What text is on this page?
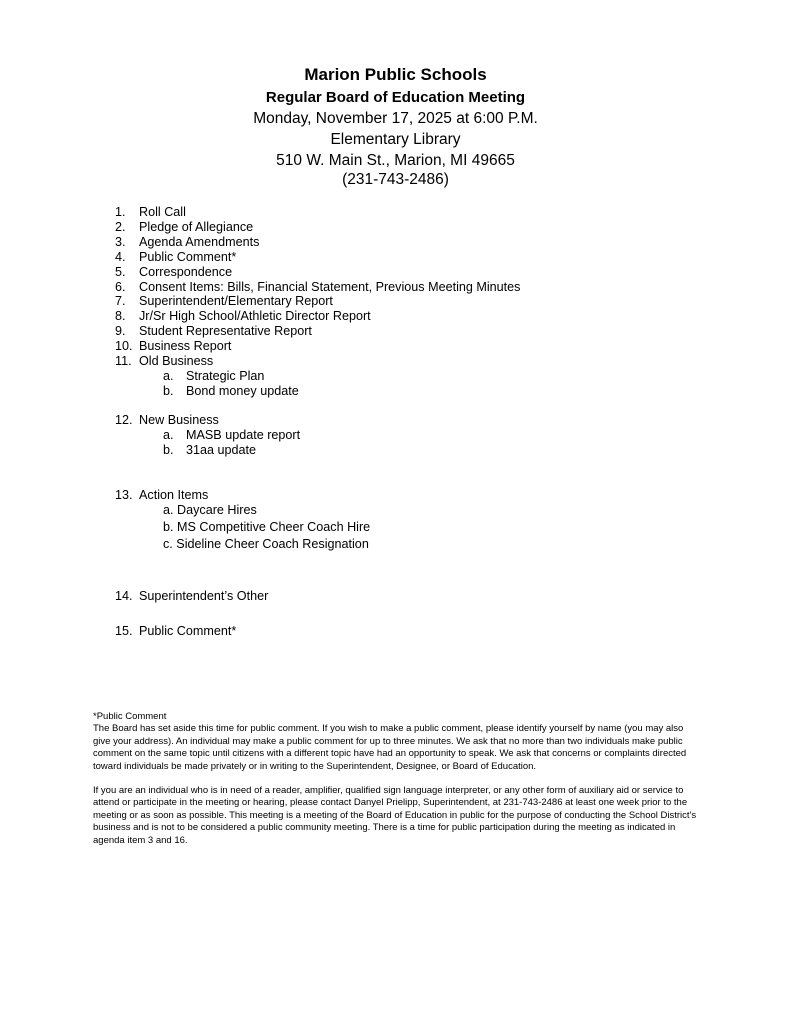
Marion Public Schools
Regular Board of Education Meeting
Monday, November 17, 2025 at 6:00 P.M.
Elementary Library
510 W. Main St., Marion, MI 49665
(231-743-2486)
1. Roll Call
2. Pledge of Allegiance
3. Agenda Amendments
4. Public Comment*
5. Correspondence
6. Consent Items: Bills, Financial Statement, Previous Meeting Minutes
7. Superintendent/Elementary Report
8. Jr/Sr High School/Athletic Director Report
9. Student Representative Report
10. Business Report
11. Old Business
a. Strategic Plan
b. Bond money update
12. New Business
a. MASB update report
b. 31aa update
13. Action Items
a. Daycare Hires
b. MS Competitive Cheer Coach Hire
c. Sideline Cheer Coach Resignation
14. Superintendent’s Other
15. Public Comment*

*Public Comment

The Board has set aside this time for public comment. If you wish to make a public comment, please identify yourself by name (you may also give your address). An individual may make a public comment for up to three minutes. We ask that no more than two individuals make public comment on the same topic until citizens with a different topic have had an opportunity to speak. We ask that concerns or complaints directed toward individuals be made privately or in writing to the Superintendent, Designee, or Board of Education.

If you are an individual who is in need of a reader, amplifier, qualified sign language interpreter, or any other form of auxiliary aid or service to attend or participate in the meeting or hearing, please contact Danyel Prielipp, Superintendent, at 231-743-2486 at least one week prior to the meeting or as soon as possible. This meeting is a meeting of the Board of Education in public for the purpose of conducting the School District's business and is not to be considered a public community meeting. There is a time for public participation during the meeting as indicated in agenda item 3 and 16.
